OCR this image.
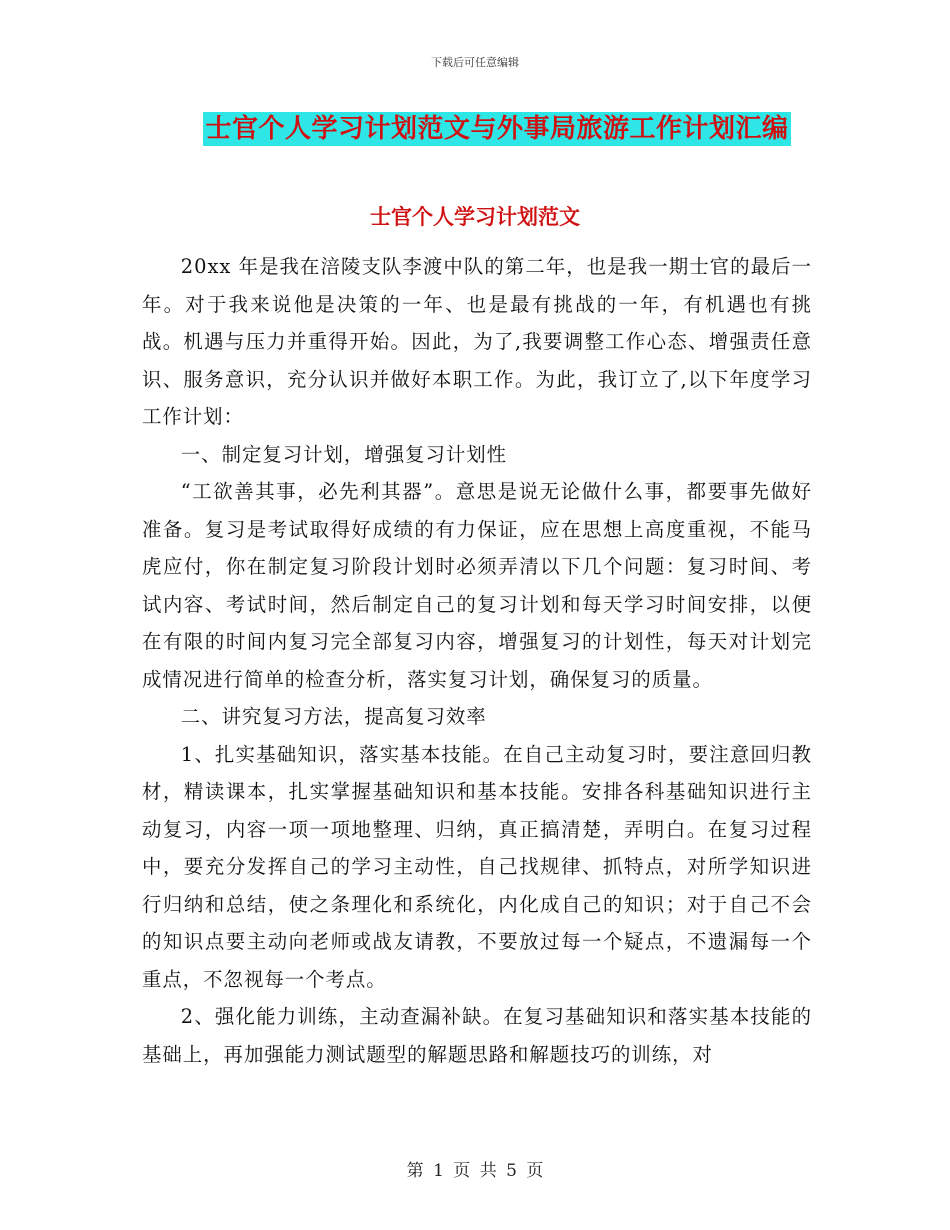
下载后可任意编辑
士官个人学习计划范文与外事局旅游工作计划汇编
士官个人学习计划范文

20xx 年是我在涪陵支队李渡中队的第二年，也是我一期士官的最后一年。对于我来说他是决策的一年、也是最有挑战的一年，有机遇也有挑战。机遇与压力并重得开始。因此，为了,我要调整工作心态、增强责任意识、服务意识，充分认识并做好本职工作。为此，我订立了,以下年度学习工作计划：

一、制定复习计划，增强复习计划性

“工欲善其事，必先利其器”。意思是说无论做什么事，都要事先做好准备。复习是考试取得好成绩的有力保证，应在思想上高度重视，不能马虎应付，你在制定复习阶段计划时必须弄清以下几个问题：复习时间、考试内容、考试时间，然后制定自己的复习计划和每天学习时间安排，以便在有限的时间内复习完全部复习内容，增强复习的计划性，每天对计划完成情况进行简单的检查分析，落实复习计划，确保复习的质量。

二、讲究复习方法，提高复习效率

1、扎实基础知识，落实基本技能。在自己主动复习时，要注意回归教材，精读课本，扎实掌握基础知识和基本技能。安排各科基础知识进行主动复习，内容一项一项地整理、归纳，真正搞清楚，弄明白。在复习过程中，要充分发挥自己的学习主动性，自己找规律、抓特点，对所学知识进行归纳和总结，使之条理化和系统化，内化成自己的知识；对于自己不会的知识点要主动向老师或战友请教，不要放过每一个疑点，不遗漏每一个重点，不忽视每一个考点。

2、强化能力训练，主动查漏补缺。在复习基础知识和落实基本技能的基础上，再加强能力测试题型的解题思路和解题技巧的训练，对

第 1 页 共 5 页
